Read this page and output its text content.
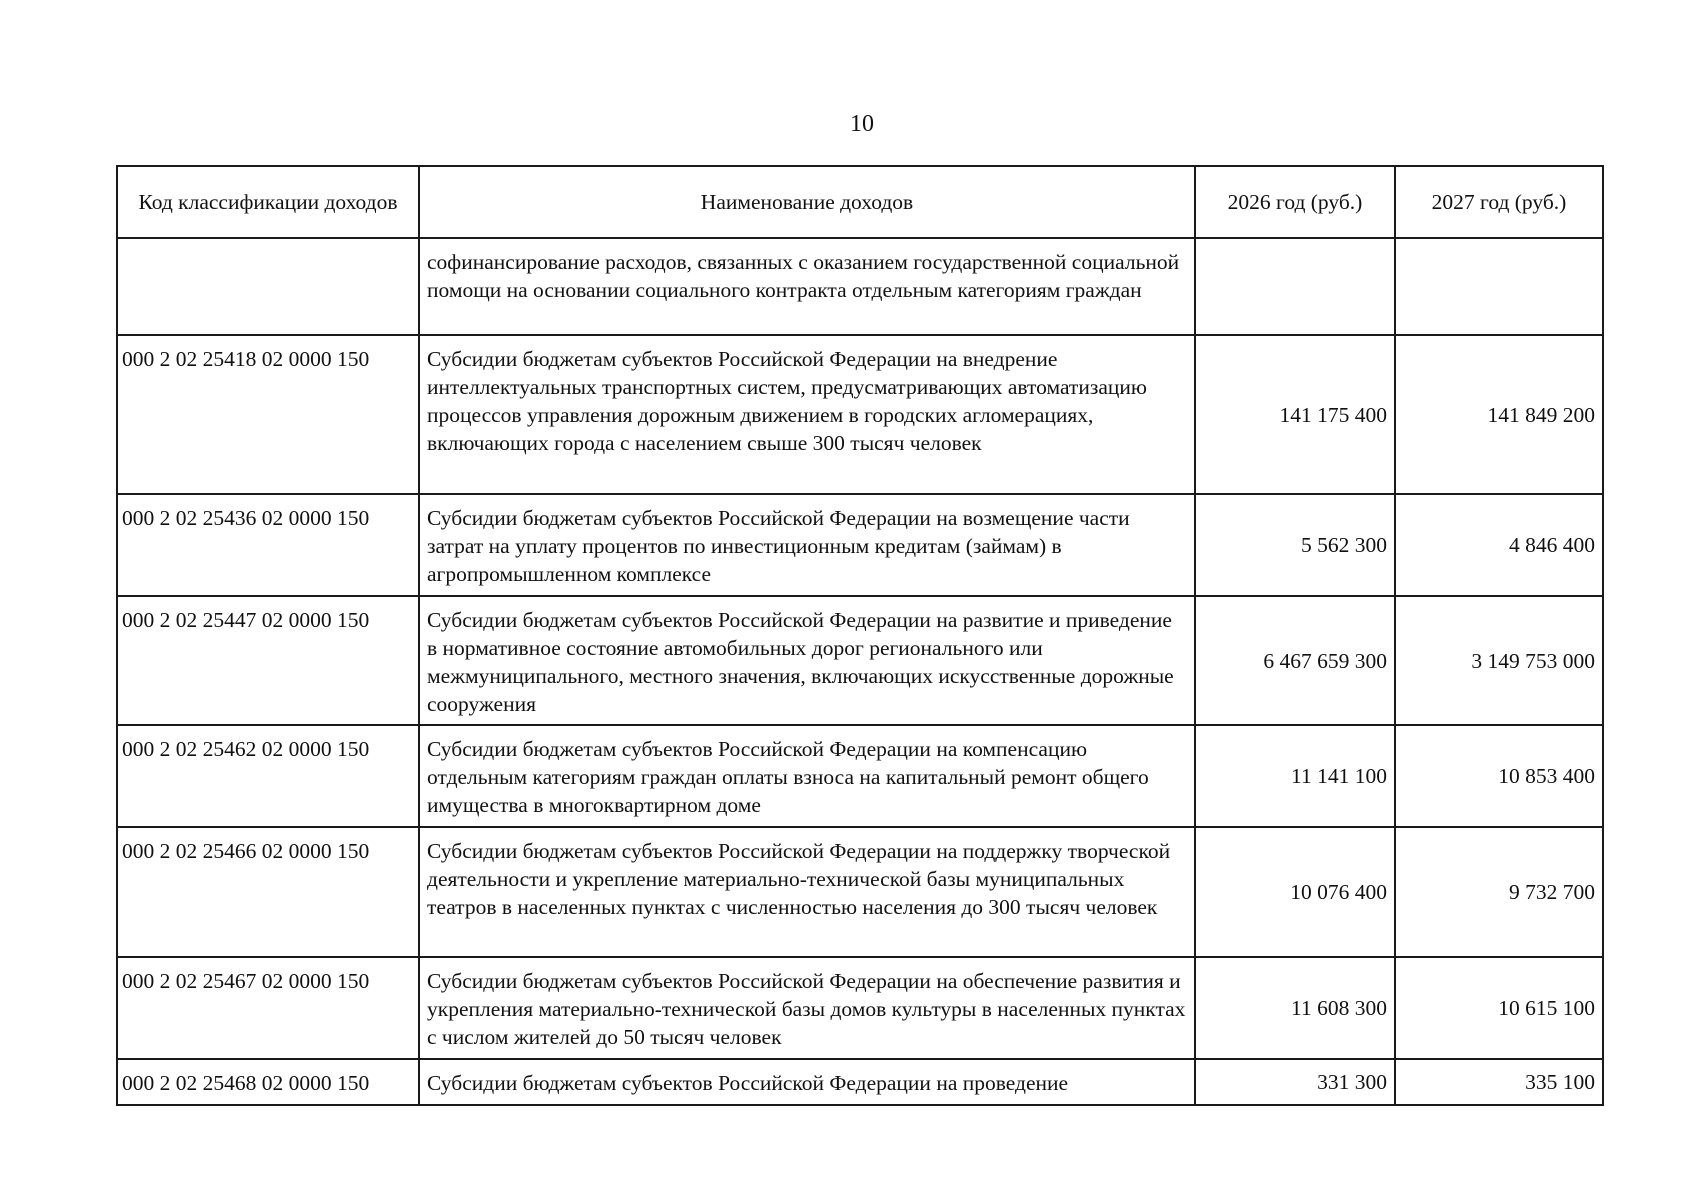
10
Код классификации доходов	Наименование доходов	2026 год (руб.)	2027 год (руб.)
	софинансирование расходов, связанных с оказанием государственной социальной помощи на основании социального контракта отдельным категориям граждан		
000 2 02 25418 02 0000 150	Субсидии бюджетам субъектов Российской Федерации на внедрение интеллектуальных транспортных систем, предусматривающих автоматизацию процессов управления дорожным движением в городских агломерациях, включающих города с населением свыше 300 тысяч человек	141 175 400	141 849 200
000 2 02 25436 02 0000 150	Субсидии бюджетам субъектов Российской Федерации на возмещение части затрат на уплату процентов по инвестиционным кредитам (займам) в агропромышленном комплексе	5 562 300	4 846 400
000 2 02 25447 02 0000 150	Субсидии бюджетам субъектов Российской Федерации на развитие и приведение в нормативное состояние автомобильных дорог регионального или межмуниципального, местного значения, включающих искусственные дорожные сооружения	6 467 659 300	3 149 753 000
000 2 02 25462 02 0000 150	Субсидии бюджетам субъектов Российской Федерации на компенсацию отдельным категориям граждан оплаты взноса на капитальный ремонт общего имущества в многоквартирном доме	11 141 100	10 853 400
000 2 02 25466 02 0000 150	Субсидии бюджетам субъектов Российской Федерации на поддержку творческой деятельности и укрепление материально-технической базы муниципальных театров в населенных пунктах с численностью населения до 300 тысяч человек	10 076 400	9 732 700
000 2 02 25467 02 0000 150	Субсидии бюджетам субъектов Российской Федерации на обеспечение развития и укрепления материально-технической базы домов культуры в населенных пунктах с числом жителей до 50 тысяч человек	11 608 300	10 615 100
000 2 02 25468 02 0000 150	Субсидии бюджетам субъектов Российской Федерации на проведение	331 300	335 100
